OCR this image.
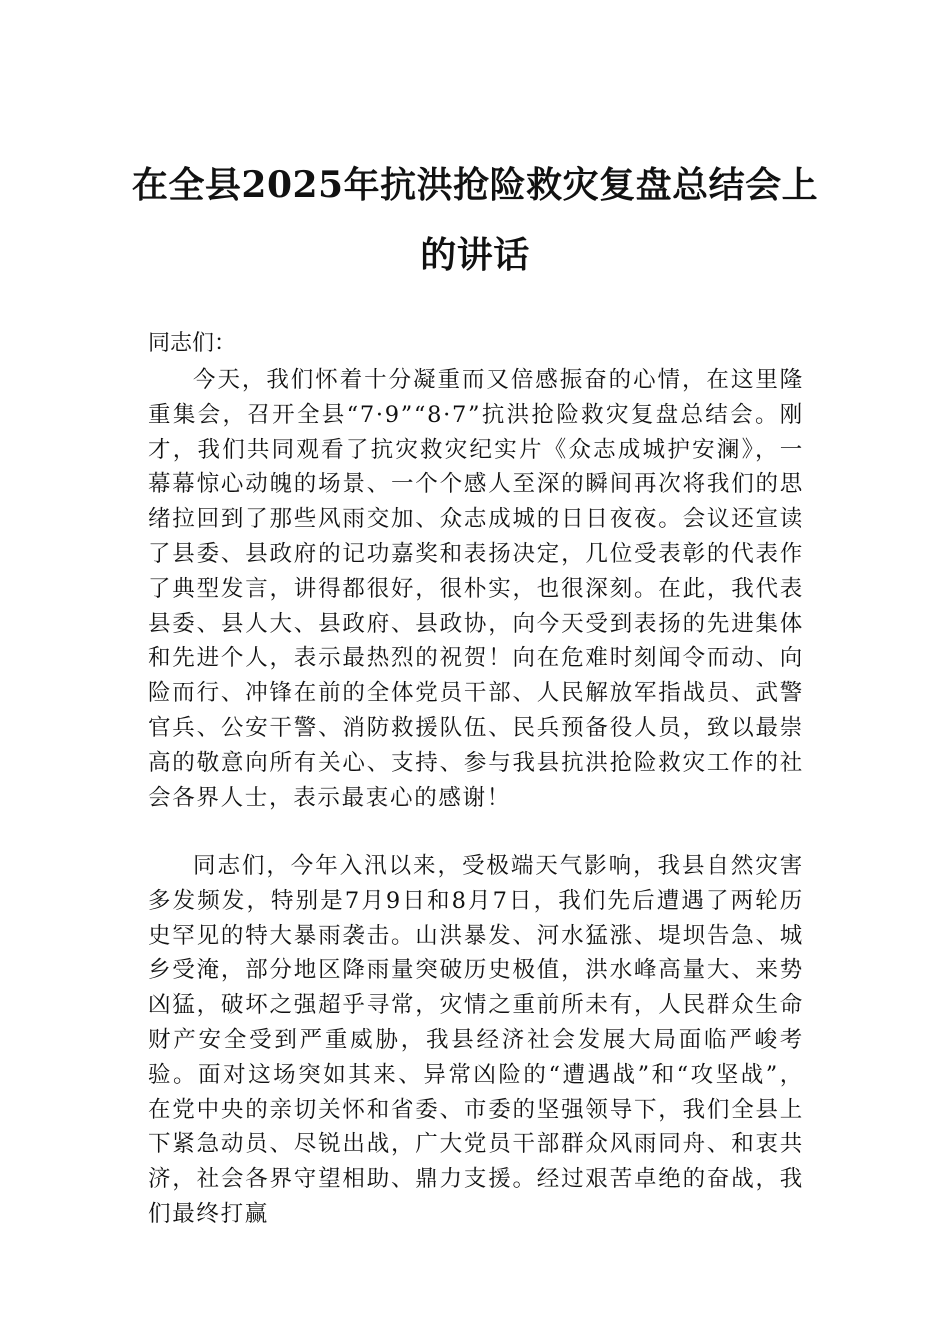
在全县2025年抗洪抢险救灾复盘总结会上
的讲话

同志们：

今天，我们怀着十分凝重而又倍感振奋的心情，在这里隆重集会，召开全县“7·9”“8·7”抗洪抢险救灾复盘总结会。刚才，我们共同观看了抗灾救灾纪实片《众志成城护安澜》，一幕幕惊心动魄的场景、一个个感人至深的瞬间再次将我们的思绪拉回到了那些风雨交加、众志成城的日日夜夜。会议还宣读了县委、县政府的记功嘉奖和表扬决定，几位受表彰的代表作了典型发言，讲得都很好，很朴实，也很深刻。在此，我代表县委、县人大、县政府、县政协，向今天受到表扬的先进集体和先进个人，表示最热烈的祝贺！向在危难时刻闻令而动、向险而行、冲锋在前的全体党员干部、人民解放军指战员、武警官兵、公安干警、消防救援队伍、民兵预备役人员，致以最崇高的敬意向所有关心、支持、参与我县抗洪抢险救灾工作的社会各界人士，表示最衷心的感谢！

同志们，今年入汛以来，受极端天气影响，我县自然灾害多发频发，特别是7月9日和8月7日，我们先后遭遇了两轮历史罕见的特大暴雨袭击。山洪暴发、河水猛涨、堤坝告急、城乡受淹，部分地区降雨量突破历史极值，洪水峰高量大、来势凶猛，破坏之强超乎寻常，灾情之重前所未有，人民群众生命财产安全受到严重威胁，我县经济社会发展大局面临严峻考验。面对这场突如其来、异常凶险的“遭遇战”和“攻坚战”，在党中央的亲切关怀和省委、市委的坚强领导下，我们全县上下紧急动员、尽锐出战，广大党员干部群众风雨同舟、和衷共济，社会各界守望相助、鼎力支援。经过艰苦卓绝的奋战，我们最终打赢
